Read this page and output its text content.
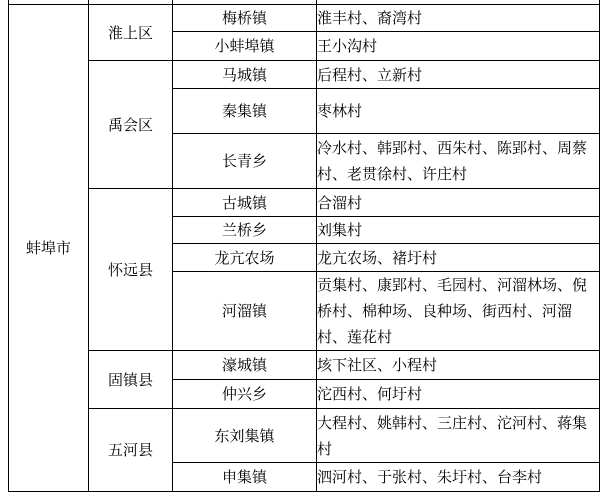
蚌埠市	淮上区	梅桥镇	淮丰村、裔湾村
		小蚌埠镇	王小沟村
	禹会区	马城镇	后程村、立新村
		秦集镇	枣林村
		长青乡	冷水村、韩郢村、西朱村、陈郢村、周蔡村、老贯徐村、许庄村
	怀远县	古城镇	合溜村
		兰桥乡	刘集村
		龙亢农场	龙亢农场、褚圩村
		河溜镇	贡集村、康郢村、毛园村、河溜林场、倪桥村、棉种场、良种场、街西村、河溜村、莲花村
	固镇县	濠城镇	垓下社区、小程村
		仲兴乡	沱西村、何圩村
	五河县	东刘集镇	大程村、姚韩村、三庄村、沱河村、蒋集村
		申集镇	泗河村、于张村、朱圩村、台李村
